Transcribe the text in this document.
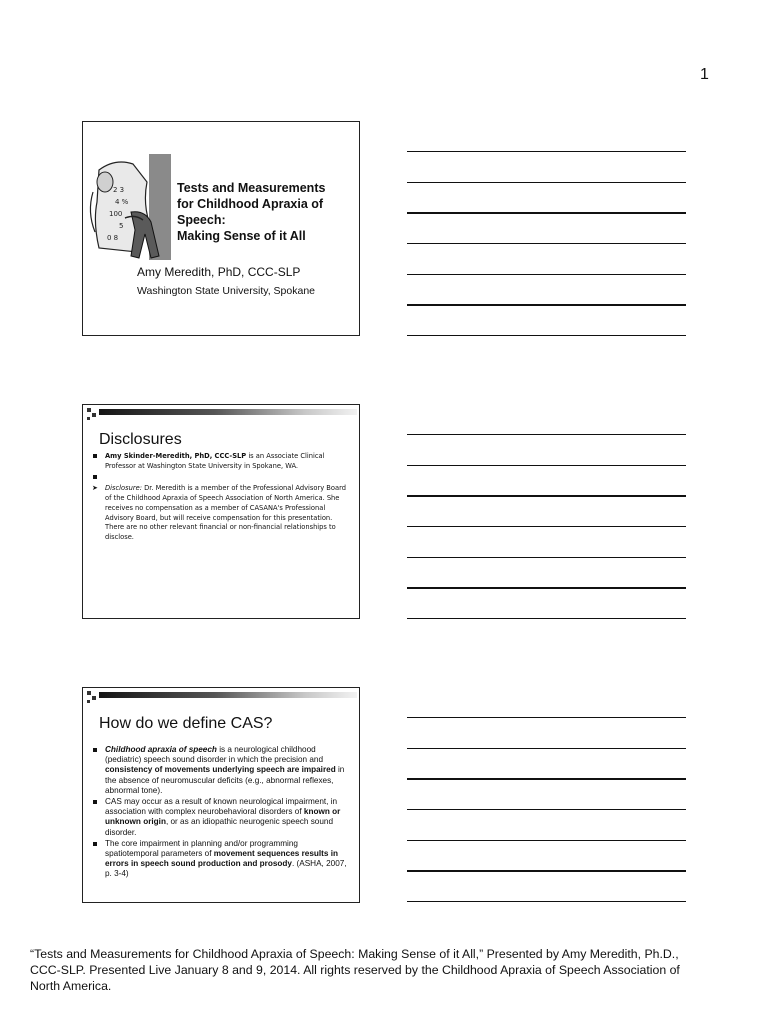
1
2 3
4 %
100
5
0 8
Tests and Measurements
for Childhood Apraxia of
Speech:
Making Sense of it All
Amy Meredith, PhD, CCC-SLP
Washington State University, Spokane
Disclosures
Amy Skinder-Meredith, PhD, CCC-SLP is an Associate Clinical Professor at Washington State University in Spokane, WA.
➤ Disclosure: Dr. Meredith is a member of the Professional Advisory Board of the Childhood Apraxia of Speech Association of North America. She receives no compensation as a member of CASANA's Professional Advisory Board, but will receive compensation for this presentation. There are no other relevant financial or non-financial relationships to disclose.
How do we define CAS?
Childhood apraxia of speech is a neurological childhood (pediatric) speech sound disorder in which the precision and consistency of movements underlying speech are impaired in the absence of neuromuscular deficits (e.g., abnormal reflexes, abnormal tone).
CAS may occur as a result of known neurological impairment, in association with complex neurobehavioral disorders of known or unknown origin, or as an idiopathic neurogenic speech sound disorder.
The core impairment in planning and/or programming spatiotemporal parameters of movement sequences results in errors in speech sound production and prosody. (ASHA, 2007, p. 3-4)
“Tests and Measurements for Childhood Apraxia of Speech: Making Sense of it All,” Presented by Amy Meredith, Ph.D.,
CCC-SLP. Presented Live January 8 and 9, 2014. All rights reserved by the Childhood Apraxia of Speech Association of
North America.
